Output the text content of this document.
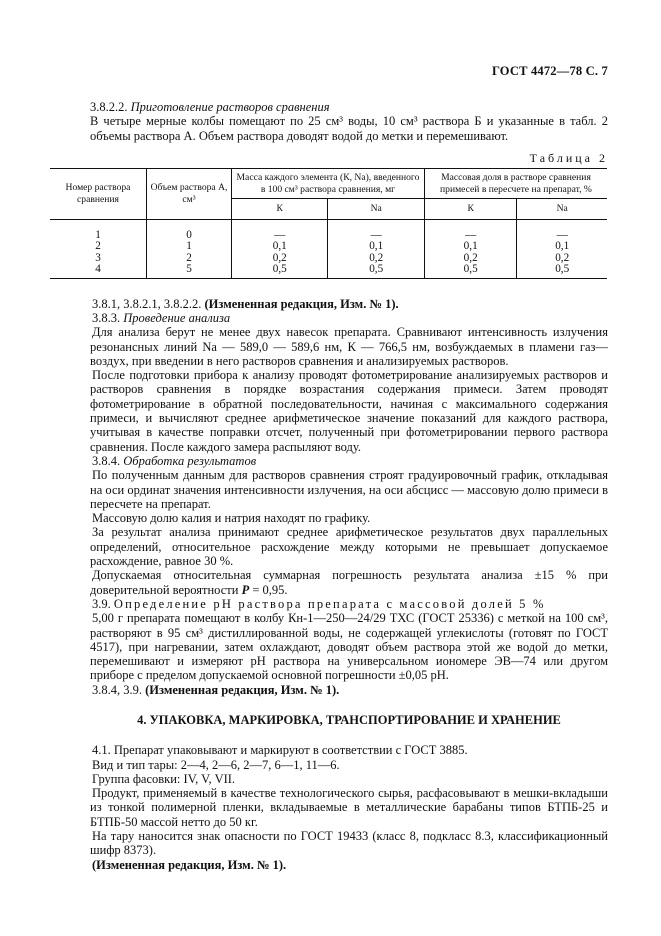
ГОСТ 4472—78 С. 7

3.8.2.2. Приготовление растворов сравнения

В четыре мерные колбы помещают по 25 см³ воды, 10 см³ раствора Б и указанные в табл. 2 объемы раствора А. Объем раствора доводят водой до метки и перемешивают.

Таблица 2
Номер раствора сравнения	Объем раствора А, см³	Масса каждого элемента (К, Na), введенного в 100 см³ раствора сравнения, мг		Массовая доля в растворе сравнения примесей в пересчете на препарат, %	
		К	Na	К	Na
1	0	—	—	—	—
2	1	0,1	0,1	0,1	0,1
3	2	0,2	0,2	0,2	0,2
4	5	0,5	0,5	0,5	0,5

3.8.1, 3.8.2.1, 3.8.2.2. (Измененная редакция, Изм. № 1).

3.8.3. Проведение анализа

Для анализа берут не менее двух навесок препарата. Сравнивают интенсивность излучения резонансных линий Na — 589,0 — 589,6 нм, К — 766,5 нм, возбуждаемых в пламени газ—воздух, при введении в него растворов сравнения и анализируемых растворов.

После подготовки прибора к анализу проводят фотометрирование анализируемых растворов и растворов сравнения в порядке возрастания содержания примеси. Затем проводят фотометрирование в обратной последовательности, начиная с максимального содержания примеси, и вычисляют среднее арифметическое значение показаний для каждого раствора, учитывая в качестве поправки отсчет, полученный при фотометрировании первого раствора сравнения. После каждого замера распыляют воду.

3.8.4. Обработка результатов

По полученным данным для растворов сравнения строят градуировочный график, откладывая на оси ординат значения интенсивности излучения, на оси абсцисс — массовую долю примеси в пересчете на препарат.

Массовую долю калия и натрия находят по графику.

За результат анализа принимают среднее арифметическое результатов двух параллельных определений, относительное расхождение между которыми не превышает допускаемое расхождение, равное 30 %.

Допускаемая относительная суммарная погрешность результата анализа ±15 % при доверительной вероятности P = 0,95.

3.9. Определение рН раствора препарата с массовой долей 5 %

5,00 г препарата помещают в колбу Кн-1—250—24/29 ТХС (ГОСТ 25336) с меткой на 100 см³, растворяют в 95 см³ дистиллированной воды, не содержащей углекислоты (готовят по ГОСТ 4517), при нагревании, затем охлаждают, доводят объем раствора этой же водой до метки, перемешивают и измеряют рН раствора на универсальном иономере ЭВ—74 или другом приборе с пределом допускаемой основной погрешности ±0,05 рН.

3.8.4, 3.9. (Измененная редакция, Изм. № 1).

4. УПАКОВКА, МАРКИРОВКА, ТРАНСПОРТИРОВАНИЕ И ХРАНЕНИЕ

4.1. Препарат упаковывают и маркируют в соответствии с ГОСТ 3885.

Вид и тип тары: 2—4, 2—6, 2—7, 6—1, 11—6.

Группа фасовки: IV, V, VII.

Продукт, применяемый в качестве технологического сырья, расфасовывают в мешки-вкладыши из тонкой полимерной пленки, вкладываемые в металлические барабаны типов БТПБ-25 и БТПБ-50 массой нетто до 50 кг.

На тару наносится знак опасности по ГОСТ 19433 (класс 8, подкласс 8.3, классификационный шифр 8373).

(Измененная редакция, Изм. № 1).
